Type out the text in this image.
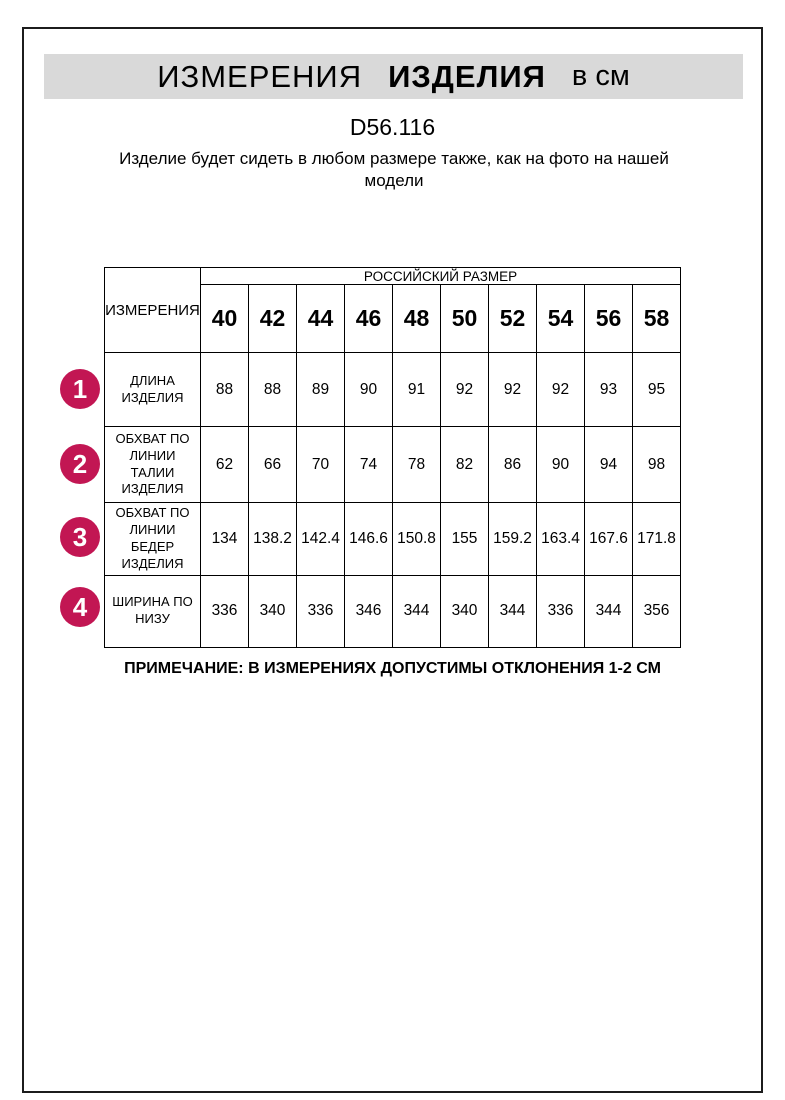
ИЗМЕРЕНИЯ ИЗДЕЛИЯ в см
D56.116
Изделие будет сидеть в любом размере также, как на фото на нашей модели
1
2
3
4
ИЗМЕРЕНИЯ	РОССИЙСКИЙ РАЗМЕР									
	40	42	44	46	48	50	52	54	56	58
ДЛИНА ИЗДЕЛИЯ	88	88	89	90	91	92	92	92	93	95
ОБХВАТ ПО ЛИНИИ ТАЛИИ ИЗДЕЛИЯ	62	66	70	74	78	82	86	90	94	98
ОБХВАТ ПО ЛИНИИ БЕДЕР ИЗДЕЛИЯ	134	138.2	142.4	146.6	150.8	155	159.2	163.4	167.6	171.8
ШИРИНА ПО НИЗУ	336	340	336	346	344	340	344	336	344	356
ПРИМЕЧАНИЕ: В ИЗМЕРЕНИЯХ ДОПУСТИМЫ ОТКЛОНЕНИЯ 1-2 СМ
